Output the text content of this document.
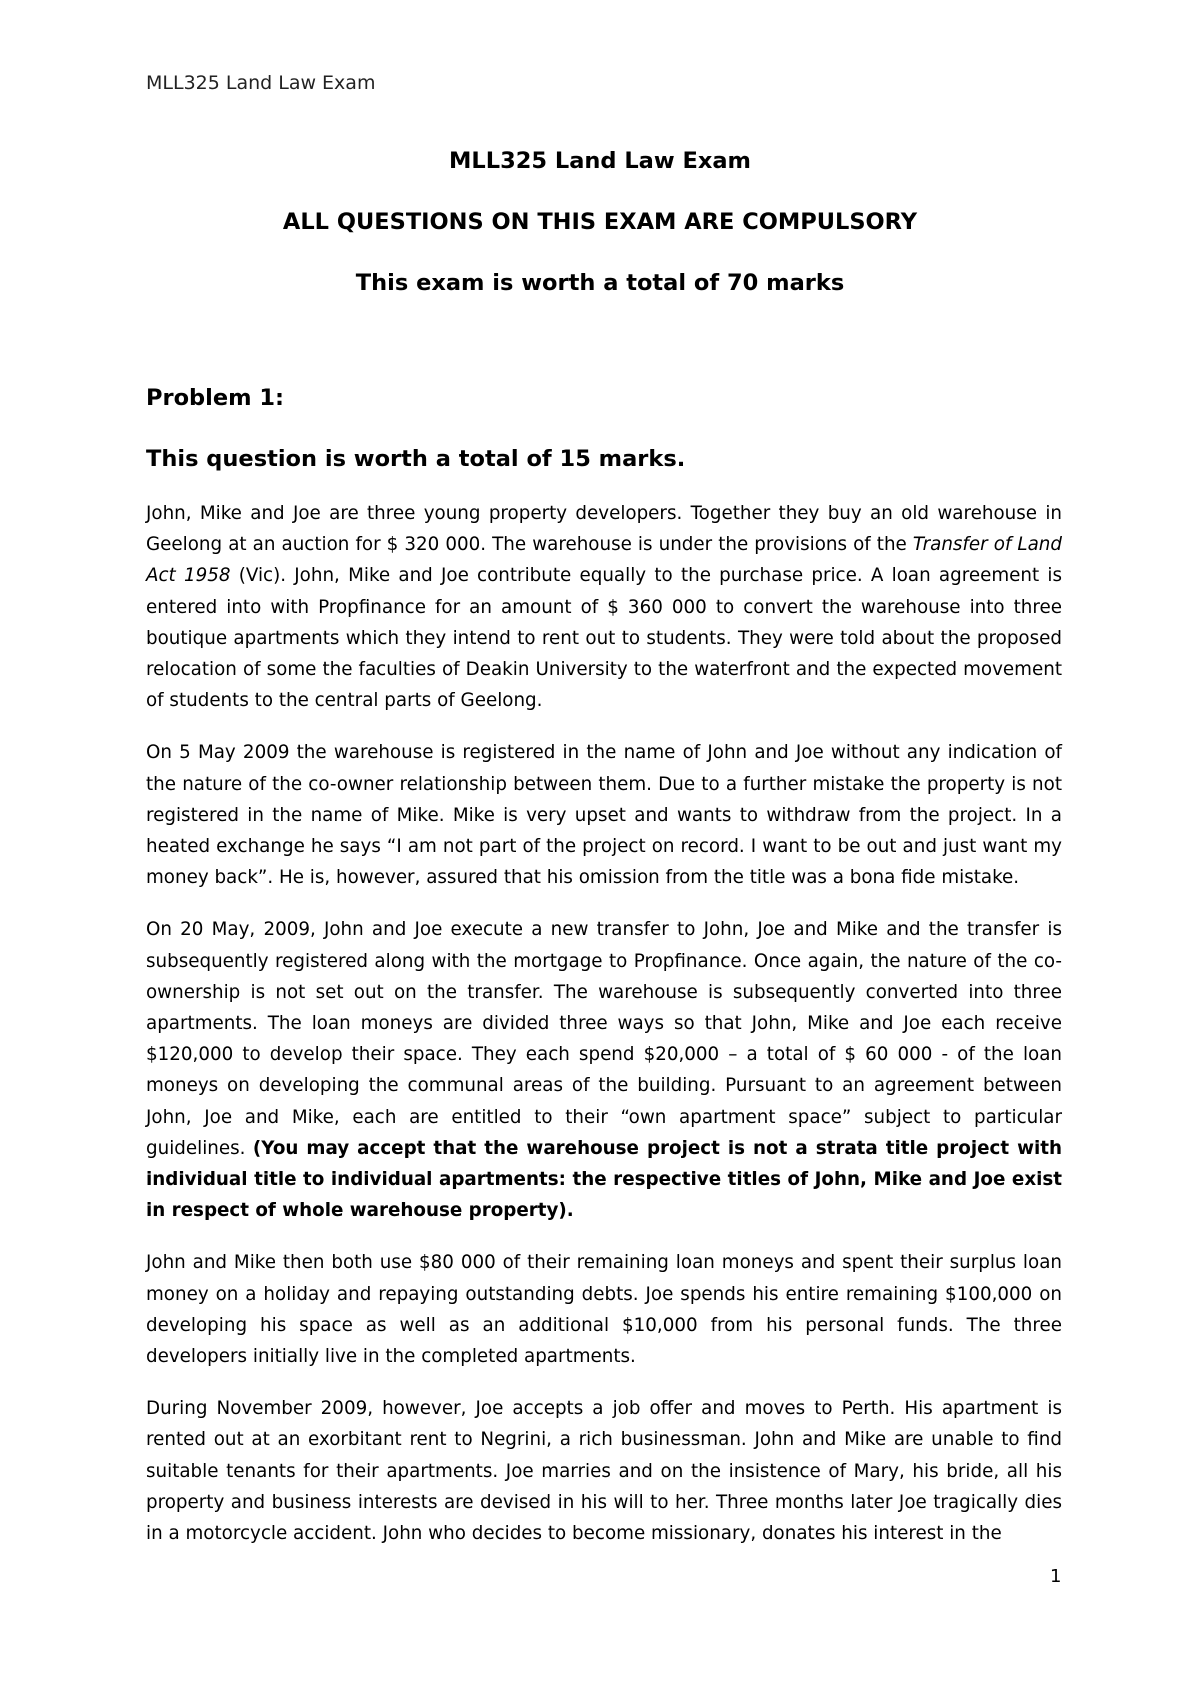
MLL325 Land Law Exam
MLL325 Land Law Exam
ALL QUESTIONS ON THIS EXAM ARE COMPULSORY
This exam is worth a total of 70 marks
Problem 1:
This question is worth a total of 15 marks.

John, Mike and Joe are three young property developers. Together they buy an old warehouse in Geelong at an auction for $ 320 000. The warehouse is under the provisions of the Transfer of Land Act 1958 (Vic). John, Mike and Joe contribute equally to the purchase price. A loan agreement is entered into with Propfinance for an amount of $ 360 000 to convert the warehouse into three boutique apartments which they intend to rent out to students. They were told about the proposed relocation of some the faculties of Deakin University to the waterfront and the expected movement of students to the central parts of Geelong.

On 5 May 2009 the warehouse is registered in the name of John and Joe without any indication of the nature of the co-owner relationship between them. Due to a further mistake the property is not registered in the name of Mike. Mike is very upset and wants to withdraw from the project. In a heated exchange he says “I am not part of the project on record. I want to be out and just want my money back”. He is, however, assured that his omission from the title was a bona fide mistake.

On 20 May, 2009, John and Joe execute a new transfer to John, Joe and Mike and the transfer is subsequently registered along with the mortgage to Propfinance. Once again, the nature of the co-ownership is not set out on the transfer. The warehouse is subsequently converted into three apartments. The loan moneys are divided three ways so that John, Mike and Joe each receive $120,000 to develop their space. They each spend $20,000 – a total of $ 60 000 - of the loan moneys on developing the communal areas of the building. Pursuant to an agreement between John, Joe and Mike, each are entitled to their “own apartment space” subject to particular guidelines. (You may accept that the warehouse project is not a strata title project with individual title to individual apartments: the respective titles of John, Mike and Joe exist in respect of whole warehouse property).

John and Mike then both use $80 000 of their remaining loan moneys and spent their surplus loan money on a holiday and repaying outstanding debts. Joe spends his entire remaining $100,000 on developing his space as well as an additional $10,000 from his personal funds. The three developers initially live in the completed apartments.

During November 2009, however, Joe accepts a job offer and moves to Perth. His apartment is rented out at an exorbitant rent to Negrini, a rich businessman. John and Mike are unable to find suitable tenants for their apartments. Joe marries and on the insistence of Mary, his bride, all his property and business interests are devised in his will to her. Three months later Joe tragically dies in a motorcycle accident. John who decides to become missionary, donates his interest in the

1
